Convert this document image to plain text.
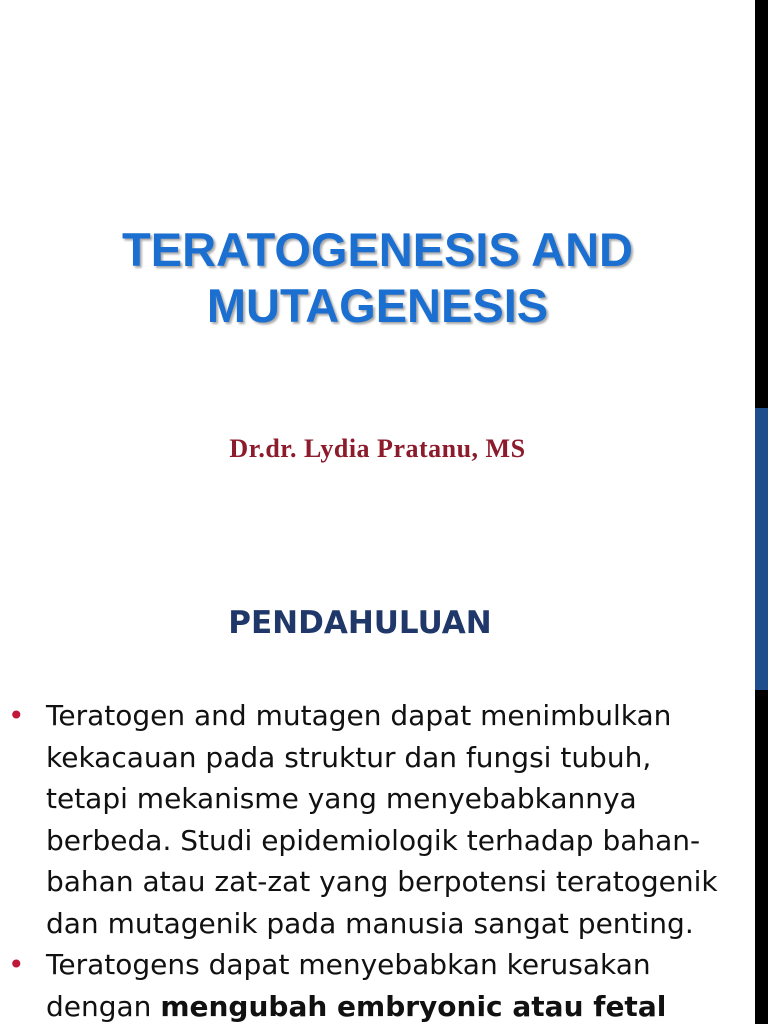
TERATOGENESIS AND
MUTAGENESIS
Dr.dr. Lydia Pratanu, MS
PENDAHULUAN
• Teratogen and mutagen dapat menimbulkan
kekacauan pada struktur dan fungsi tubuh,
tetapi mekanisme yang menyebabkannya
berbeda. Studi epidemiologik terhadap bahan-
bahan atau zat-zat yang berpotensi teratogenik
dan mutagenik pada manusia sangat penting.
• Teratogens dapat menyebabkan kerusakan
dengan mengubah embryonic atau fetal
